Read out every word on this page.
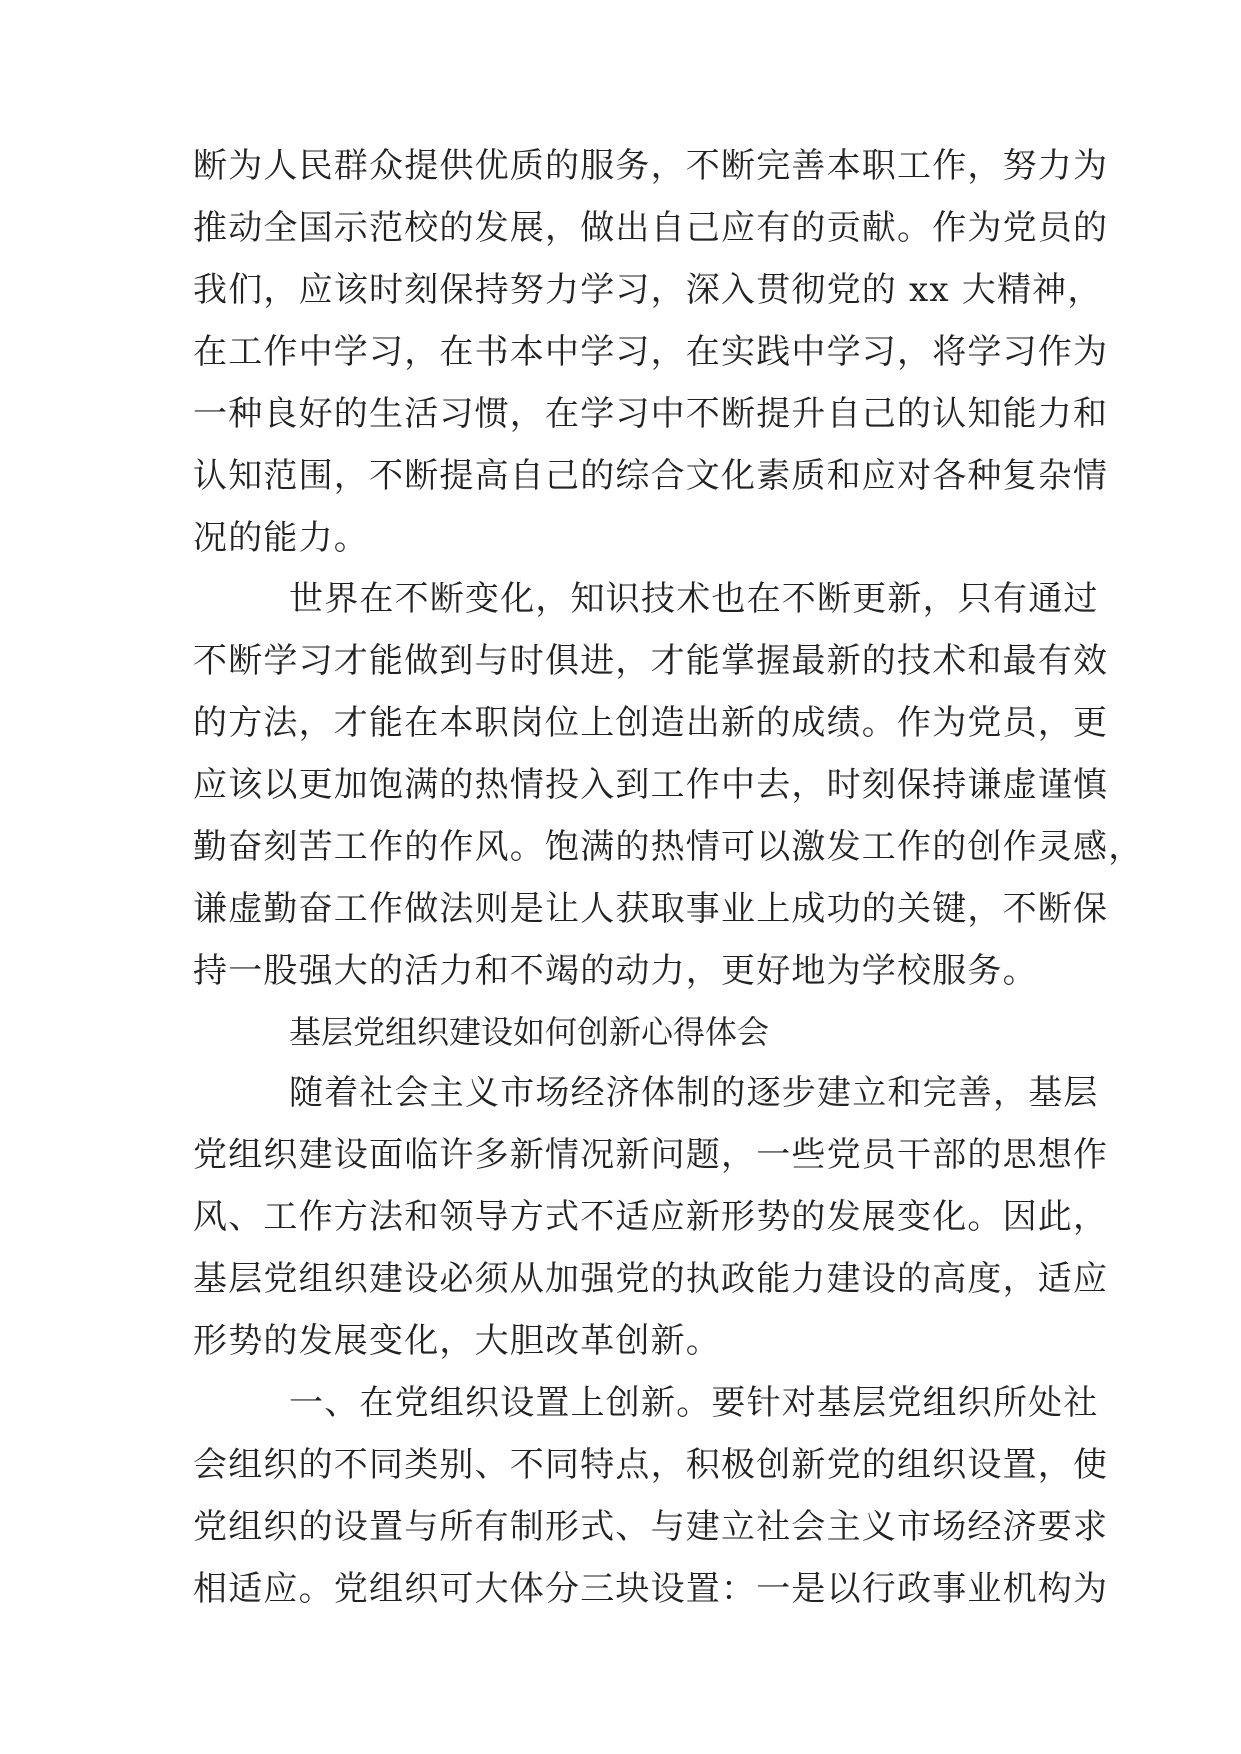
断为人民群众提供优质的服务，不断完善本职工作，努力为
推动全国示范校的发展，做出自己应有的贡献。作为党员的
我们，应该时刻保持努力学习，深入贯彻党的 xx 大精神，
在工作中学习，在书本中学习，在实践中学习，将学习作为
一种良好的生活习惯，在学习中不断提升自己的认知能力和
认知范围，不断提高自己的综合文化素质和应对各种复杂情
况的能力。
世界在不断变化，知识技术也在不断更新，只有通过
不断学习才能做到与时俱进，才能掌握最新的技术和最有效
的方法，才能在本职岗位上创造出新的成绩。作为党员，更
应该以更加饱满的热情投入到工作中去，时刻保持谦虚谨慎
勤奋刻苦工作的作风。饱满的热情可以激发工作的创作灵感，
谦虚勤奋工作做法则是让人获取事业上成功的关键，不断保
持一股强大的活力和不竭的动力，更好地为学校服务。
基层党组织建设如何创新心得体会
随着社会主义市场经济体制的逐步建立和完善，基层
党组织建设面临许多新情况新问题，一些党员干部的思想作
风、工作方法和领导方式不适应新形势的发展变化。因此，
基层党组织建设必须从加强党的执政能力建设的高度，适应
形势的发展变化，大胆改革创新。
一、在党组织设置上创新。要针对基层党组织所处社
会组织的不同类别、不同特点，积极创新党的组织设置，使
党组织的设置与所有制形式、与建立社会主义市场经济要求
相适应。党组织可大体分三块设置：一是以行政事业机构为
